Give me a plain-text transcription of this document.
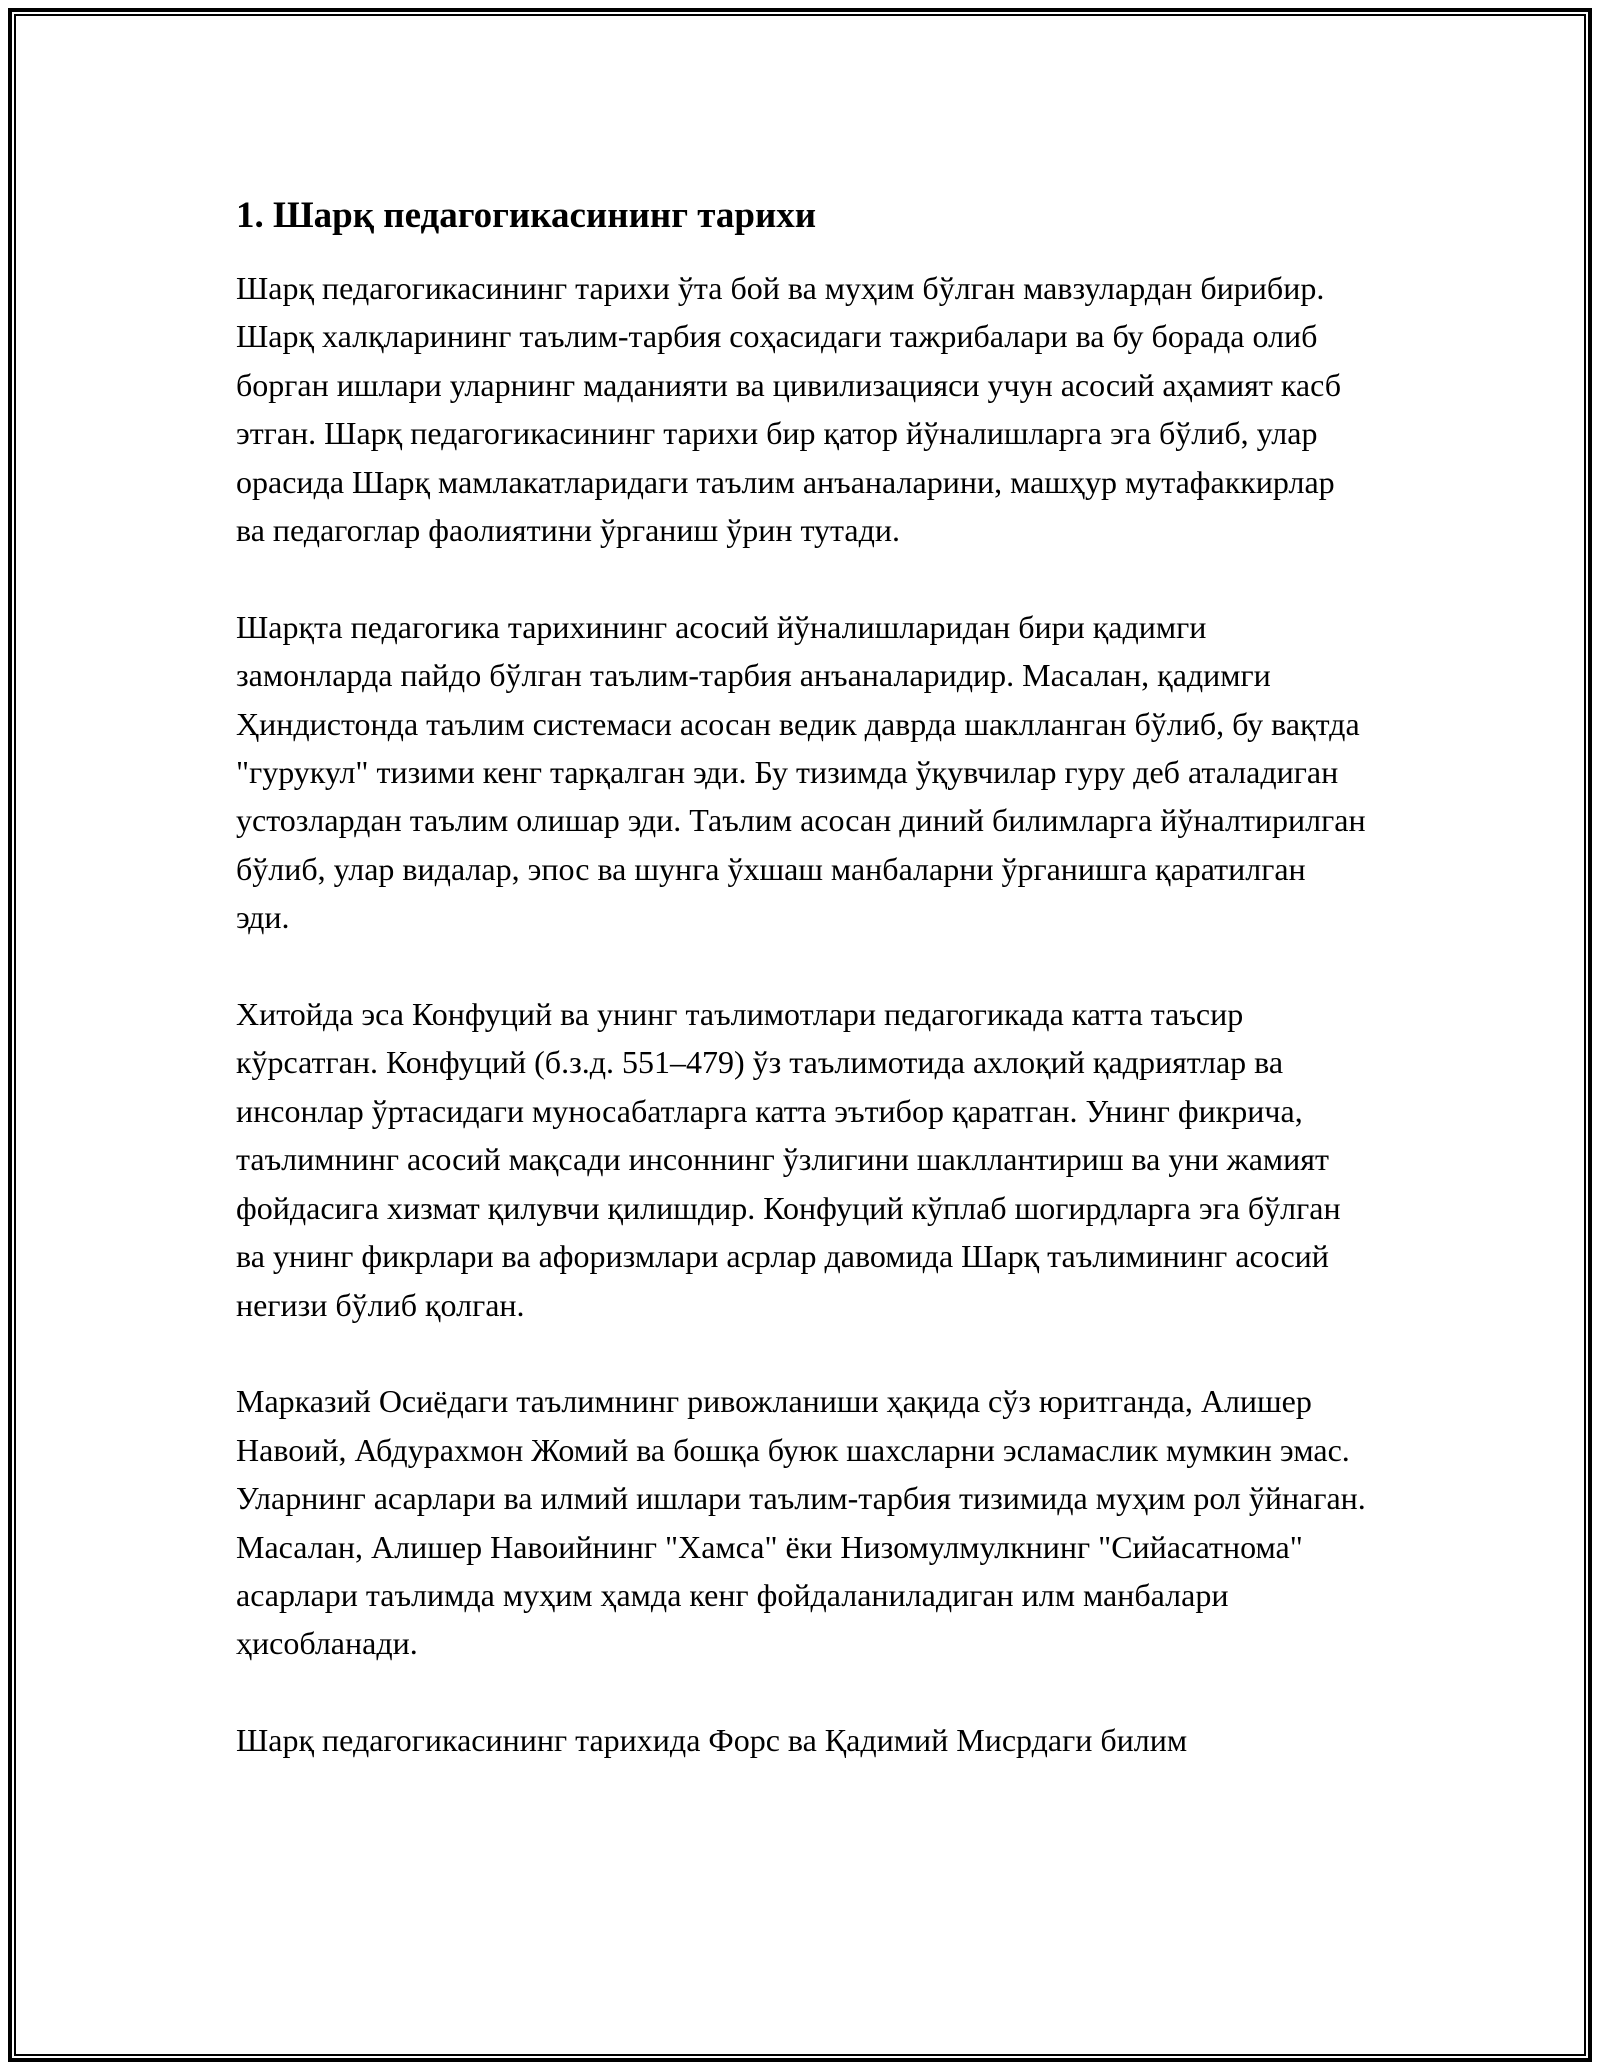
1. Шарқ педагогикасининг тарихи

Шарқ педагогикасининг тарихи ўта бой ва муҳим бўлган мавзулардан бирибир. Шарқ халқларининг таълим-тарбия соҳасидаги тажрибалари ва бу борада олиб борган ишлари уларнинг маданияти ва цивилизацияси учун асосий аҳамият касб этган. Шарқ педагогикасининг тарихи бир қатор йўналишларга эга бўлиб, улар орасида Шарқ мамлакатларидаги таълим анъаналарини, машҳур мутафаккирлар ва педагоглар фаолиятини ўрганиш ўрин тутади.

Шарқта педагогика тарихининг асосий йўналишларидан бири қадимги замонларда пайдо бўлган таълим-тарбия анъаналаридир. Масалан, қадимги Ҳиндистонда таълим системаси асосан ведик даврда шаклланган бўлиб, бу вақтда "гурукул" тизими кенг тарқалган эди. Бу тизимда ўқувчилар гуру деб аталадиган устозлардан таълим олишар эди. Таълим асосан диний билимларга йўналтирилган бўлиб, улар видалар, эпос ва шунга ўхшаш манбаларни ўрганишга қаратилган эди.

Хитойда эса Конфуций ва унинг таълимотлари педагогикада катта таъсир кўрсатган. Конфуций (б.з.д. 551–479) ўз таълимотида ахлоқий қадриятлар ва инсонлар ўртасидаги муносабатларга катта эътибор қаратган. Унинг фикрича, таълимнинг асосий мақсади инсоннинг ўзлигини шакллантириш ва уни жамият фойдасига хизмат қилувчи қилишдир. Конфуций кўплаб шогирдларга эга бўлган ва унинг фикрлари ва афоризмлари асрлар давомида Шарқ таълимининг асосий негизи бўлиб қолган.

Марказий Осиёдаги таълимнинг ривожланиши ҳақида сўз юритганда, Алишер Навоий, Абдурахмон Жомий ва бошқа буюк шахсларни эсламаслик мумкин эмас. Уларнинг асарлари ва илмий ишлари таълим-тарбия тизимида муҳим рол ўйнаган. Масалан, Алишер Навоийнинг "Хамса" ёки Низомулмулкнинг "Сийасатнома" асарлари таълимда муҳим ҳамда кенг фойдаланиладиган илм манбалари ҳисобланади.

Шарқ педагогикасининг тарихида Форс ва Қадимий Мисрдаги билим
